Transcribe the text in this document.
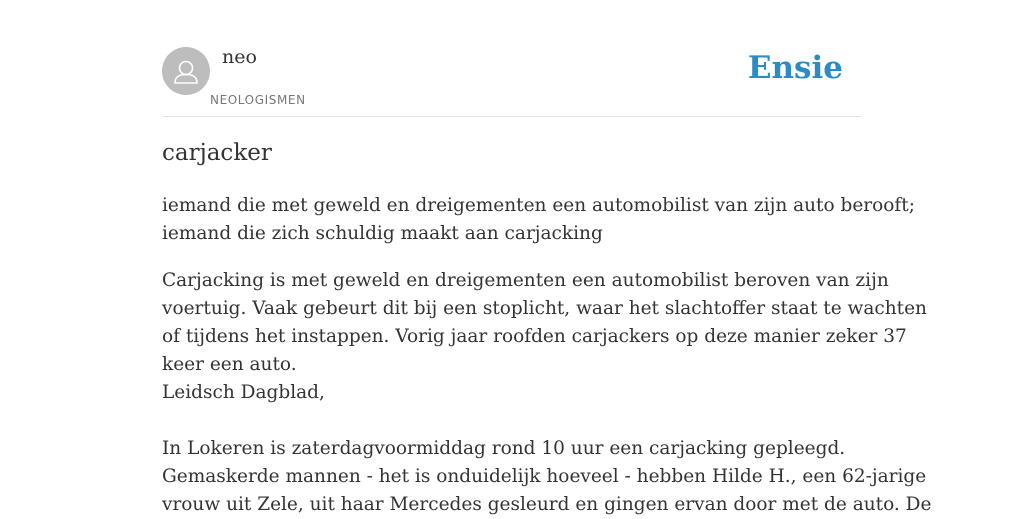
neo
NEOLOGISMEN
Ensie
carjacker

iemand die met geweld en dreigementen een automobilist van zijn auto berooft;
iemand die zich schuldig maakt aan carjacking

Carjacking is met geweld en dreigementen een automobilist beroven van zijn
voertuig. Vaak gebeurt dit bij een stoplicht, waar het slachtoffer staat te wachten
of tijdens het instappen. Vorig jaar roofden carjackers op deze manier zeker 37
keer een auto.
Leidsch Dagblad,
In Lokeren is zaterdagvoormiddag rond 10 uur een carjacking gepleegd.
Gemaskerde mannen - het is onduidelijk hoeveel - hebben Hilde H., een 62-jarige
vrouw uit Zele, uit haar Mercedes gesleurd en gingen ervan door met de auto. De
